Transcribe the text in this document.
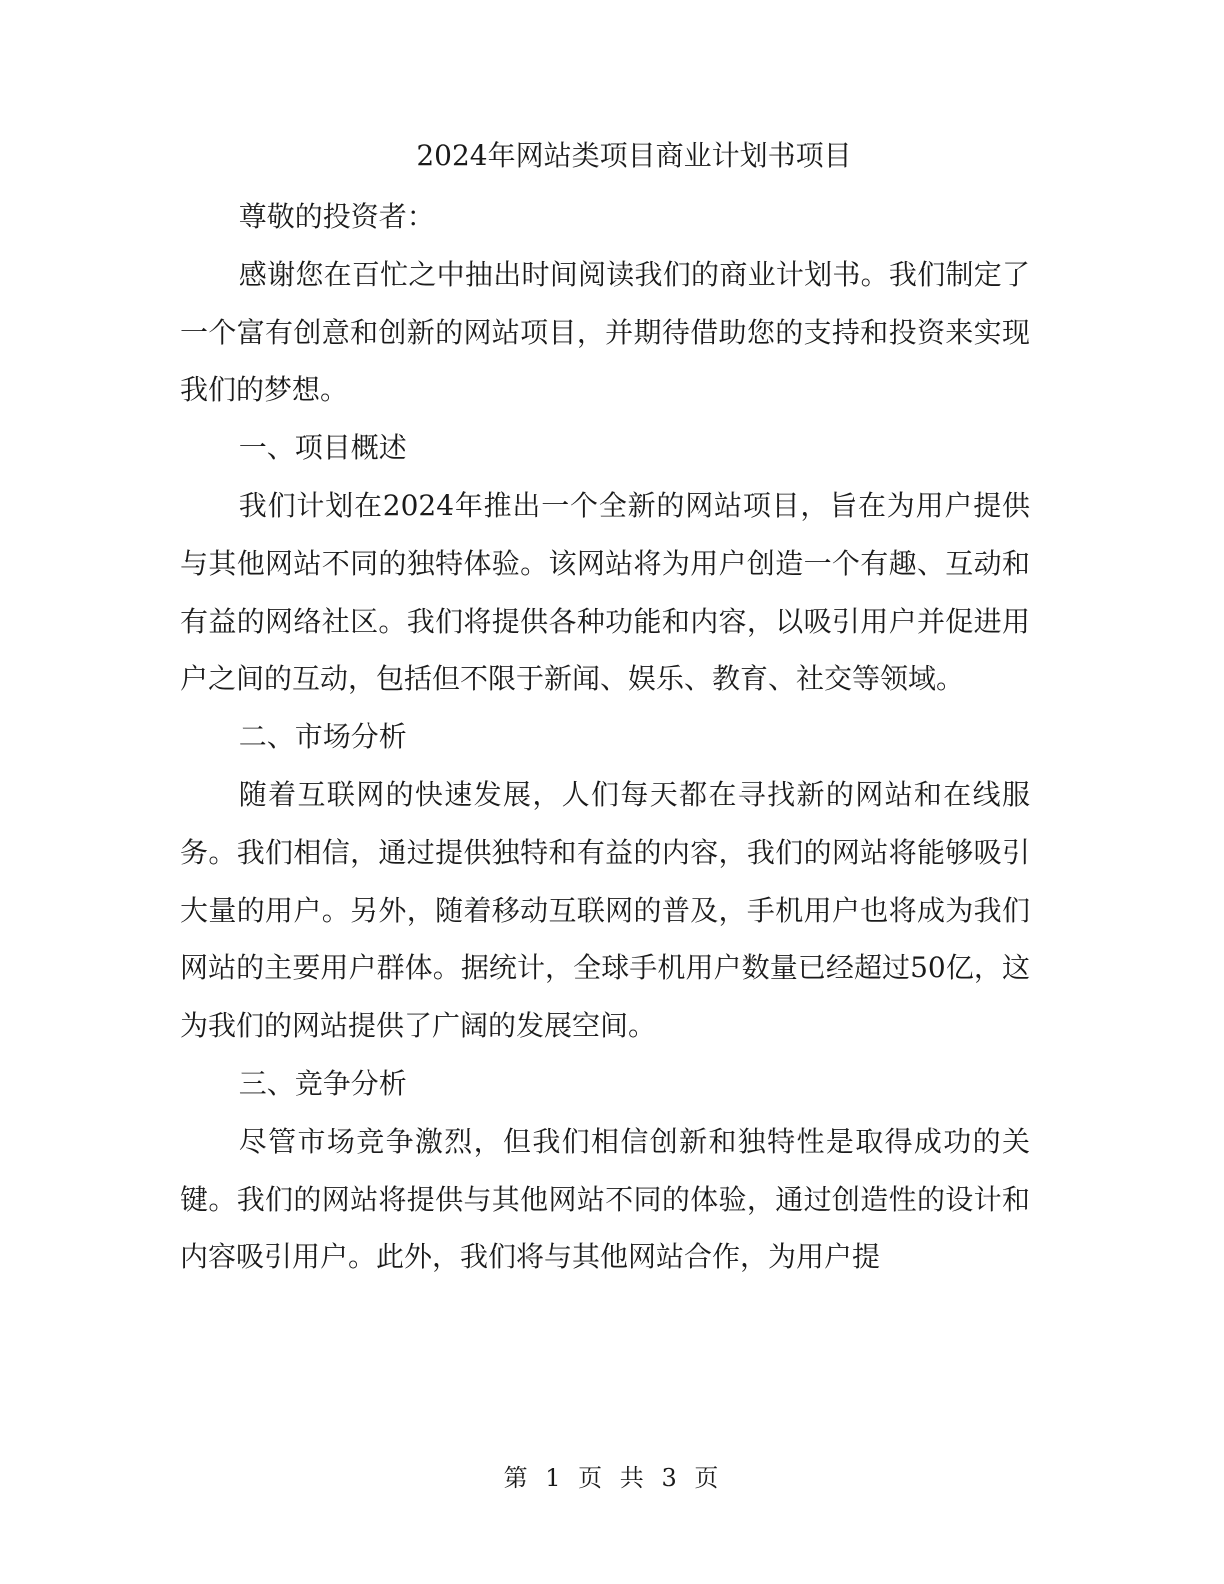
2024年网站类项目商业计划书项目

尊敬的投资者：

感谢您在百忙之中抽出时间阅读我们的商业计划书。我们制定了一个富有创意和创新的网站项目，并期待借助您的支持和投资来实现我们的梦想。

一、项目概述

我们计划在2024年推出一个全新的网站项目，旨在为用户提供与其他网站不同的独特体验。该网站将为用户创造一个有趣、互动和有益的网络社区。我们将提供各种功能和内容，以吸引用户并促进用户之间的互动，包括但不限于新闻、娱乐、教育、社交等领域。

二、市场分析

随着互联网的快速发展，人们每天都在寻找新的网站和在线服务。我们相信，通过提供独特和有益的内容，我们的网站将能够吸引大量的用户。另外，随着移动互联网的普及，手机用户也将成为我们网站的主要用户群体。据统计，全球手机用户数量已经超过50亿，这为我们的网站提供了广阔的发展空间。

三、竞争分析

尽管市场竞争激烈，但我们相信创新和独特性是取得成功的关键。我们的网站将提供与其他网站不同的体验，通过创造性的设计和内容吸引用户。此外，我们将与其他网站合作，为用户提

第 1 页 共 3 页
